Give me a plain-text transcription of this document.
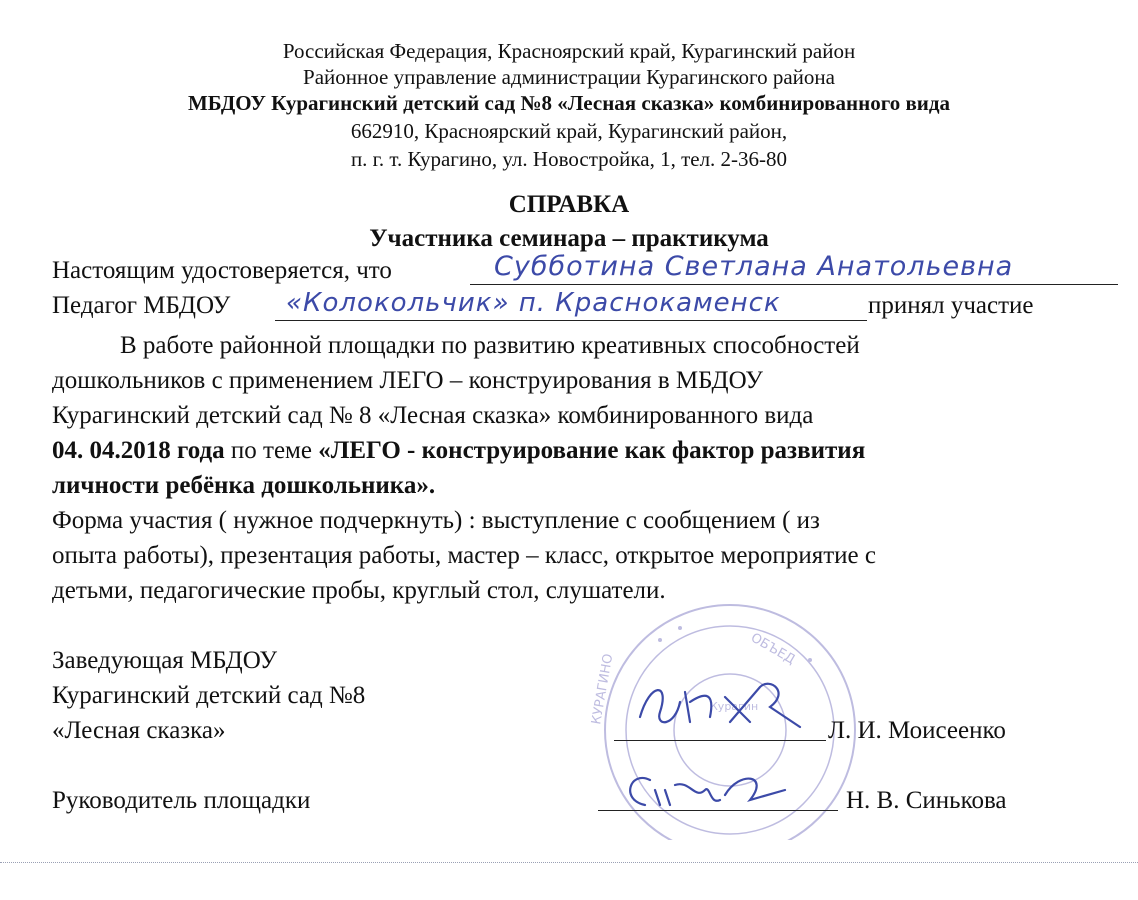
Российская Федерация, Красноярский край, Курагинский район
Районное управление администрации Курагинского района
МБДОУ Курагинский детский сад №8 «Лесная сказка» комбинированного вида
662910, Красноярский край, Курагинский район,
п. г. т. Курагино, ул. Новостройка, 1, тел. 2-36-80
СПРАВКА
Участника семинара – практикума
Настоящим удостоверяется, что	Субботина Светлана Анатольевна
Педагог МБДОУ «Колокольчик» п. Краснокаменск	принял участие
В работе районной площадки по развитию креативных способностей
дошкольников с применением ЛЕГО – конструирования в МБДОУ
Курагинский детский сад № 8 «Лесная сказка» комбинированного вида
04. 04.2018 года по теме «ЛЕГО - конструирование как фактор развития
личности ребёнка дошкольника».
Форма участия ( нужное подчеркнуть) : выступление с сообщением ( из
опыта работы), презентация работы, мастер – класс, открытое мероприятие с
детьми, педагогические пробы, круглый стол, слушатели.
КУРАГИНО
ОБЪЕД
Курагин
Заведующая МБДОУ
Курагинский детский сад №8
«Лесная сказка»	Л. И. Моисеенко
Руководитель площадки	Н. В. Синькова
